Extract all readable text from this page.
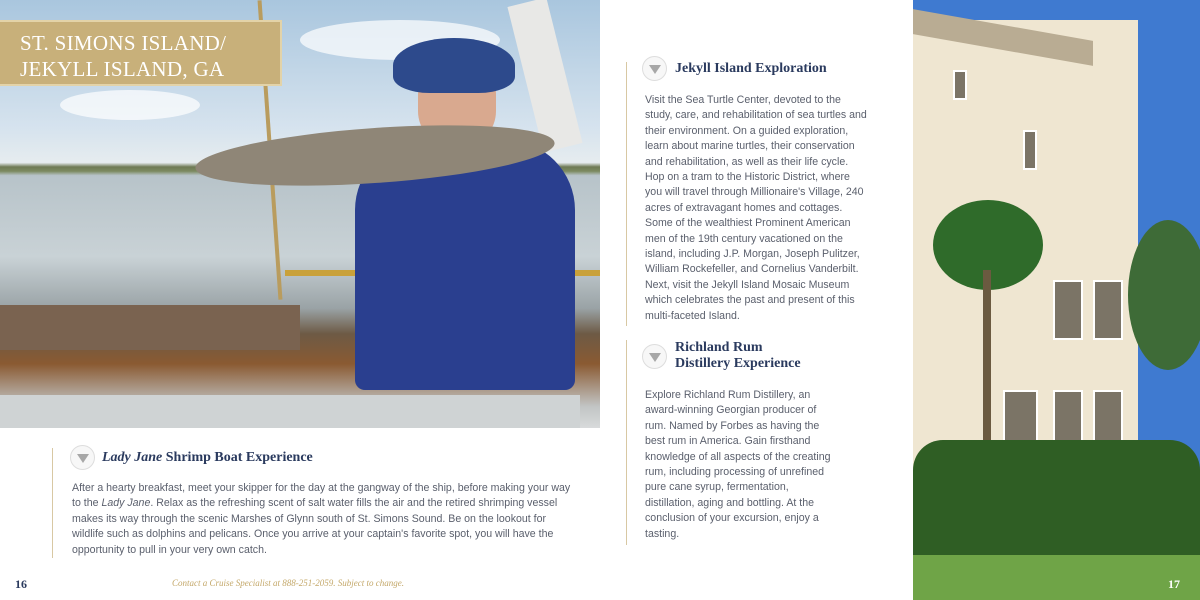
ST. SIMONS ISLAND/
JEKYLL ISLAND, GA
Lady Jane Shrimp Boat Experience

After a hearty breakfast, meet your skipper for the day at the gangway of the ship, before making your way to the Lady Jane. Relax as the refreshing scent of salt water fills the air and the retired shrimping vessel makes its way through the scenic Marshes of Glynn south of St. Simons Sound. Be on the lookout for wildlife such as dolphins and pelicans. Once you arrive at your captain's favorite spot, you will have the opportunity to pull in your very own catch.

16	Contact a Cruise Specialist at 888-251-2059. Subject to change.
Jekyll Island Exploration

Visit the Sea Turtle Center, devoted to the study, care, and rehabilitation of sea turtles and their environment. On a guided exploration, learn about marine turtles, their conservation and rehabilitation, as well as their life cycle. Hop on a tram to the Historic District, where you will travel through Millionaire's Village, 240 acres of extravagant homes and cottages. Some of the wealthiest Prominent American men of the 19th century vacationed on the island, including J.P. Morgan, Joseph Pulitzer, William Rockefeller, and Cornelius Vanderbilt. Next, visit the Jekyll Island Mosaic Museum which celebrates the past and present of this multi-faceted Island.

Richland Rum
Distillery Experience

Explore Richland Rum Distillery, an award-winning Georgian producer of rum. Named by Forbes as having the best rum in America. Gain firsthand knowledge of all aspects of the creating rum, including processing of unrefined pure cane syrup, fermentation, distillation, aging and bottling. At the conclusion of your excursion, enjoy a tasting.

17
